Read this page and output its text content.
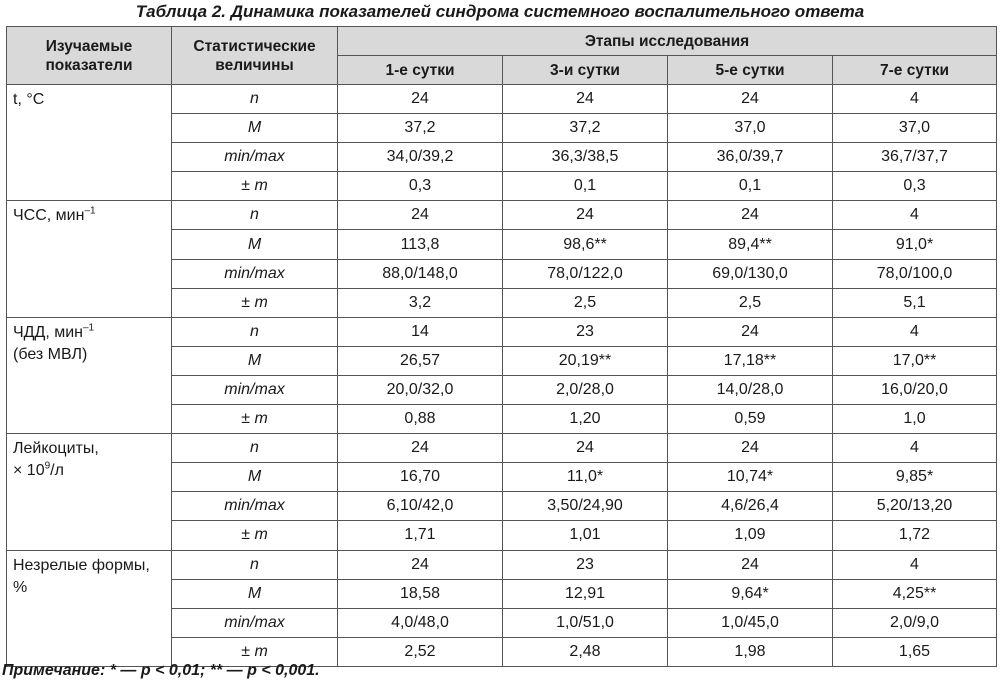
Таблица 2. Динамика показателей синдрома системного воспалительного ответа
Изучаемые показатели	Статистические величины	Этапы исследования			
		1-е сутки	3-и сутки	5-е сутки	7-е сутки
t, °C	n	24	24	24	4
	M	37,2	37,2	37,0	37,0
	min/max	34,0/39,2	36,3/38,5	36,0/39,7	36,7/37,7
	± m	0,3	0,1	0,1	0,3
ЧСС, мин$^{-1}$	n	24	24	24	4
	M	113,8	98,6**	89,4**	91,0*
	min/max	88,0/148,0	78,0/122,0	69,0/130,0	78,0/100,0
	± m	3,2	2,5	2,5	5,1
ЧДД, мин$^{-1}$
(без МВЛ)	n	14	23	24	4
	M	26,57	20,19**	17,18**	17,0**
	min/max	20,0/32,0	2,0/28,0	14,0/28,0	16,0/20,0
	± m	0,88	1,20	0,59	1,0
Лейкоциты,
× $10^9/л$	n	24	24	24	4
	M	16,70	11,0*	10,74*	9,85*
	min/max	6,10/42,0	3,50/24,90	4,6/26,4	5,20/13,20
	± m	1,71	1,01	1,09	1,72
Незрелые формы,
%	n	24	23	24	4
	M	18,58	12,91	9,64*	4,25**
	min/max	4,0/48,0	1,0/51,0	1,0/45,0	2,0/9,0
	± m	2,52	2,48	1,98	1,65
Примечание: * — p < 0,01; ** — p < 0,001.
